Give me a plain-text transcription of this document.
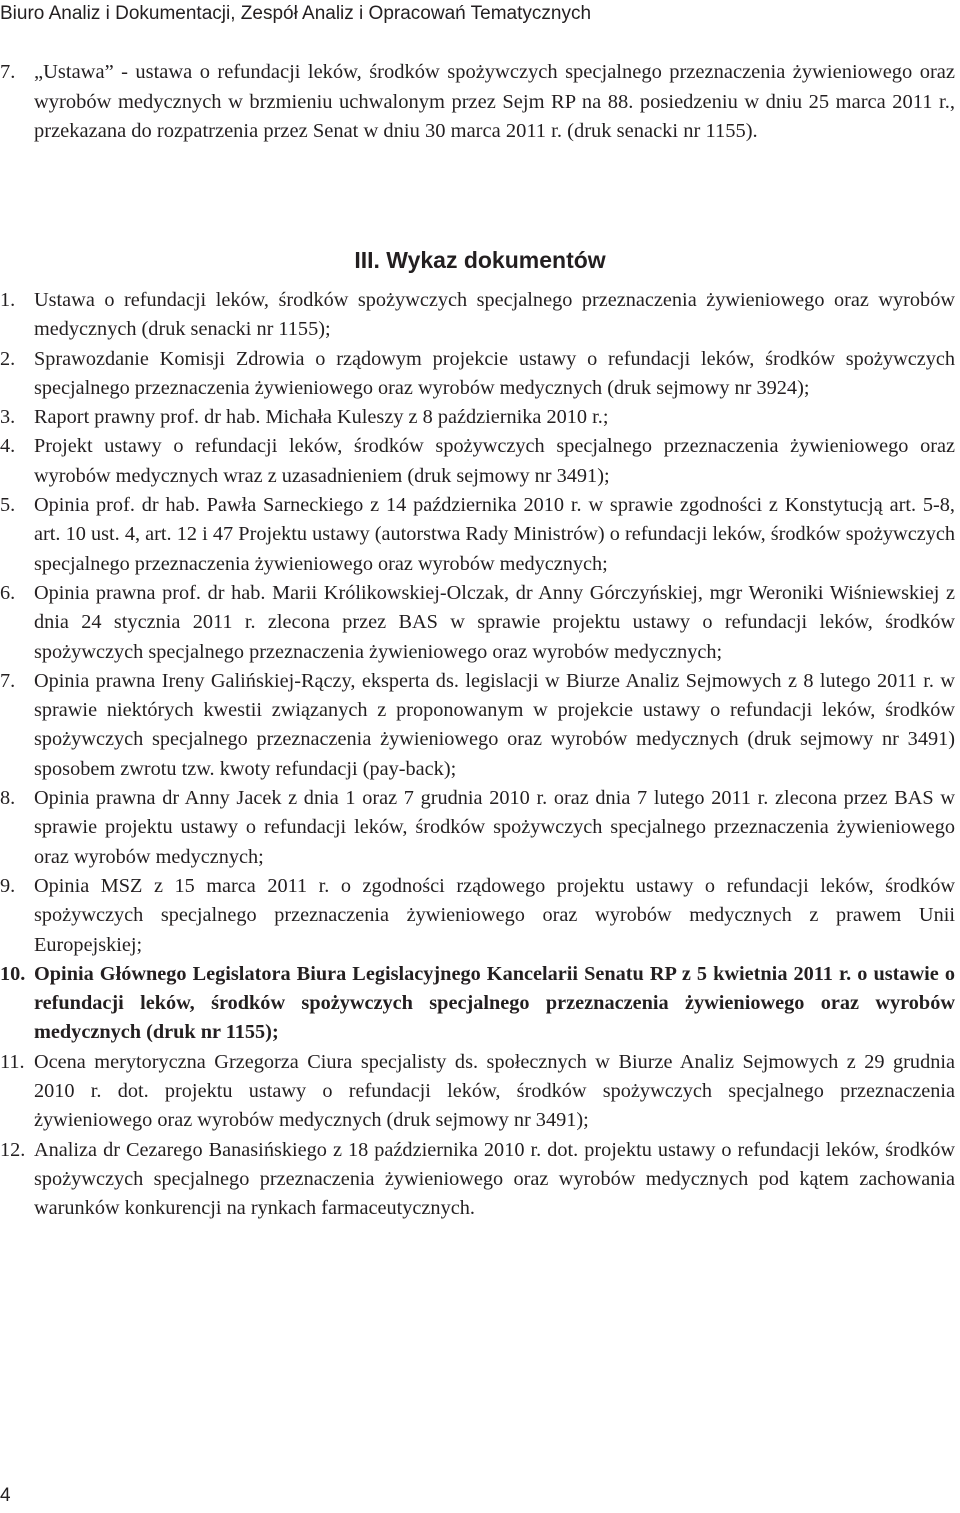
Biuro Analiz i Dokumentacji, Zespół Analiz i Opracowań Tematycznych
7. „Ustawa” - ustawa o refundacji leków, środków spożywczych specjalnego przeznaczenia żywieniowego oraz wyrobów medycznych w brzmieniu uchwalonym przez Sejm RP na 88. posiedzeniu w dniu 25 marca 2011 r., przekazana do rozpatrzenia przez Senat w dniu 30 marca 2011 r. (druk senacki nr 1155).
III. Wykaz dokumentów
1. Ustawa o refundacji leków, środków spożywczych specjalnego przeznaczenia żywieniowego oraz wyrobów medycznych (druk senacki nr 1155);
2. Sprawozdanie Komisji Zdrowia o rządowym projekcie ustawy o refundacji leków, środków spożywczych specjalnego przeznaczenia żywieniowego oraz wyrobów medycznych (druk sejmowy nr 3924);
3. Raport prawny prof. dr hab. Michała Kuleszy z 8 października 2010 r.;
4. Projekt ustawy o refundacji leków, środków spożywczych specjalnego przeznaczenia żywieniowego oraz wyrobów medycznych wraz z uzasadnieniem (druk sejmowy nr 3491);
5. Opinia prof. dr hab. Pawła Sarneckiego z 14 października 2010 r. w sprawie zgodności z Konstytucją art. 5-8, art. 10 ust. 4, art. 12 i 47 Projektu ustawy (autorstwa Rady Ministrów) o refundacji leków, środków spożywczych specjalnego przeznaczenia żywieniowego oraz wyrobów medycznych;
6. Opinia prawna prof. dr hab. Marii Królikowskiej-Olczak, dr Anny Górczyńskiej, mgr Weroniki Wiśniewskiej z dnia 24 stycznia 2011 r. zlecona przez BAS w sprawie projektu ustawy o refundacji leków, środków spożywczych specjalnego przeznaczenia żywieniowego oraz wyrobów medycznych;
7. Opinia prawna Ireny Galińskiej-Rączy, eksperta ds. legislacji w Biurze Analiz Sejmowych z 8 lutego 2011 r. w sprawie niektórych kwestii związanych z proponowanym w projekcie ustawy o refundacji leków, środków spożywczych specjalnego przeznaczenia żywieniowego oraz wyrobów medycznych (druk sejmowy nr 3491) sposobem zwrotu tzw. kwoty refundacji (pay-back);
8. Opinia prawna dr Anny Jacek z dnia 1 oraz 7 grudnia 2010 r. oraz dnia 7 lutego 2011 r. zlecona przez BAS w sprawie projektu ustawy o refundacji leków, środków spożywczych specjalnego przeznaczenia żywieniowego oraz wyrobów medycznych;
9. Opinia MSZ z 15 marca 2011 r. o zgodności rządowego projektu ustawy o refundacji leków, środków spożywczych specjalnego przeznaczenia żywieniowego oraz wyrobów medycznych z prawem Unii Europejskiej;
10. Opinia Głównego Legislatora Biura Legislacyjnego Kancelarii Senatu RP z 5 kwietnia 2011 r. o ustawie o refundacji leków, środków spożywczych specjalnego przeznaczenia żywieniowego oraz wyrobów medycznych (druk nr 1155);
11. Ocena merytoryczna Grzegorza Ciura specjalisty ds. społecznych w Biurze Analiz Sejmowych z 29 grudnia 2010 r. dot. projektu ustawy o refundacji leków, środków spożywczych specjalnego przeznaczenia żywieniowego oraz wyrobów medycznych (druk sejmowy nr 3491);
12. Analiza dr Cezarego Banasińskiego z 18 października 2010 r. dot. projektu ustawy o refundacji leków, środków spożywczych specjalnego przeznaczenia żywieniowego oraz wyrobów medycznych pod kątem zachowania warunków konkurencji na rynkach farmaceutycznych.
4
